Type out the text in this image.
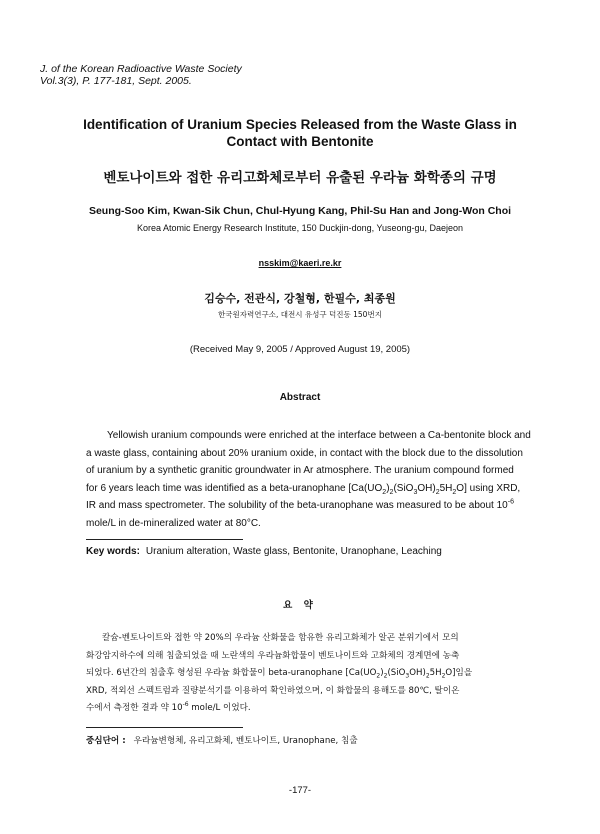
J. of the Korean Radioactive Waste Society
Vol.3(3), P. 177-181, Sept. 2005.
Identification of Uranium Species Released from the Waste Glass in
Contact with Bentonite
벤토나이트와 접한 유리고화체로부터 유출된 우라늄 화학종의 규명
Seung-Soo Kim, Kwan-Sik Chun, Chul-Hyung Kang, Phil-Su Han and Jong-Won Choi
Korea Atomic Energy Research Institute, 150 Duckjin-dong, Yuseong-gu, Daejeon
nsskim@kaeri.re.kr
김승수, 전관식, 강철형, 한필수, 최종원
한국원자력연구소, 대전시 유성구 덕진동 150번지
(Received May 9, 2005 / Approved August 19, 2005)
Abstract
Yellowish uranium compounds were enriched at the interface between a Ca-bentonite block and
a waste glass, containing about 20% uranium oxide, in contact with the block due to the dissolution
of uranium by a synthetic granitic groundwater in Ar atmosphere. The uranium compound formed
for 6 years leach time was identified as a beta-uranophane $[Ca(UO_2)_2(SiO_3OH)_25H_2O]$ using XRD,
IR and mass spectrometer. The solubility of the beta-uranophane was measured to be about $10^{-6}$
mole/L in de-mineralized water at 80°C.
Key words: Uranium alteration, Waste glass, Bentonite, Uranophane, Leaching
요 약
칼슘-벤토나이트와 접한 약 20%의 우라늄 산화물을 함유한 유리고화체가 알곤 분위기에서 모의
화강암지하수에 의해 침출되었을 때 노란색의 우라늄화합물이 벤토나이트와 고화체의 경계면에 농축
되었다. 6년간의 침출후 형성된 우라늄 화합물이 beta-uranophane $[Ca(UO_2)_2(SiO_3OH)_25H_2O]$임을
XRD, 적외선 스펙트럼과 질량분석기를 이용하여 확인하였으며, 이 화합물의 용해도를 80℃, 탈이온
수에서 측정한 결과 약 $10^{-6}$ mole/L 이었다.
중심단어 : 우라늄변형체, 유리고화체, 벤토나이트, Uranophane, 침출
-177-
